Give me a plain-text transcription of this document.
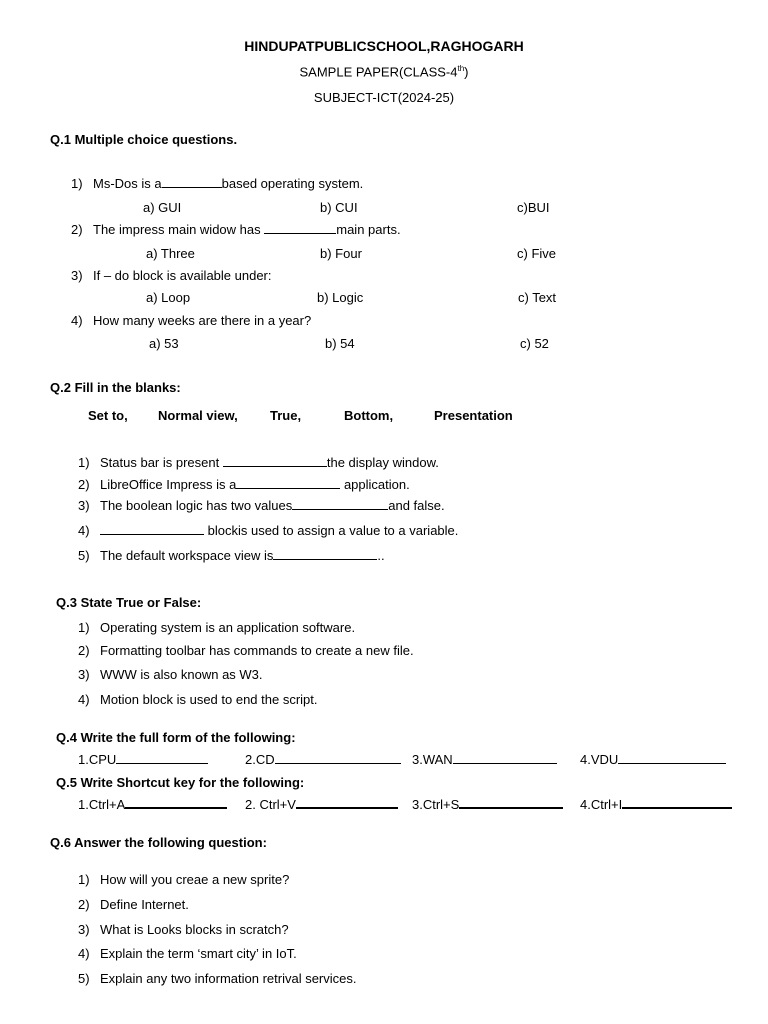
HINDUPATPUBLICSCHOOL,RAGHOGARH
SAMPLE PAPER(CLASS-4th)
SUBJECT-ICT(2024-25)
Q.1 Multiple choice questions.
1) Ms-Dos is a	based operating system.
a) GUI	b) CUI	c)BUI
2) The impress main widow has	main parts.
a) Three	b) Four	c) Five
3) If – do block is available under:
a) Loop	b) Logic	c) Text
4) How many weeks are there in a year?
a) 53	b) 54	c) 52
Q.2 Fill in the blanks:
Set to, Normal view, True,	Bottom,	Presentation
1) Status bar is present	the display window.
2) LibreOffice Impress is a	application.
3) The boolean logic has two values	and false.
4)	blockis used to assign a value to a variable.
5) The default workspace view is	..
Q.3 State True or False:
1) Operating system is an application software.
2) Formatting toolbar has commands to create a new file.
3) WWW is also known as W3.
4) Motion block is used to end the script.
Q.4 Write the full form of the following:
1.CPU	2.CD	3.WAN	4.VDU
Q.5 Write Shortcut key for the following:
1.Ctrl+A	2. Ctrl+V	3.Ctrl+S	4.Ctrl+I
Q.6 Answer the following question:
1) How will you creae a new sprite?
2) Define Internet.
3) What is Looks blocks in scratch?
4) Explain the term ‘smart city’ in IoT.
5) Explain any two information retrival services.
